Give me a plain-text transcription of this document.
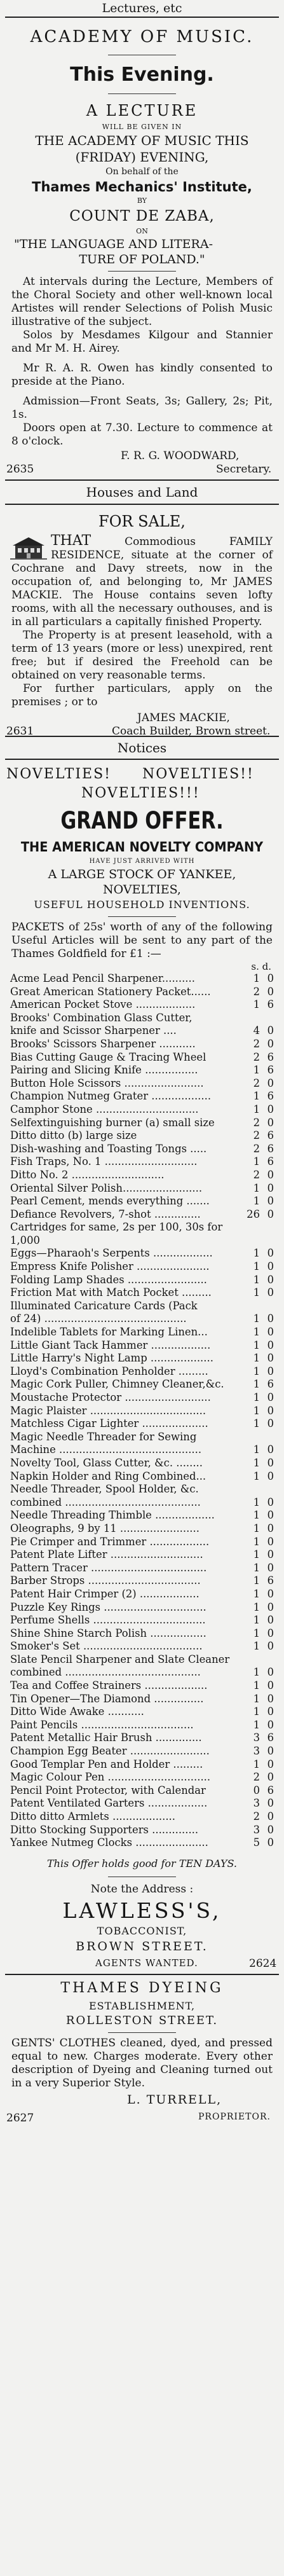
Lectures, etc
ACADEMY OF MUSIC.
This Evening.
A LECTURE
WILL BE GIVEN IN
THE ACADEMY OF MUSIC THIS
(FRIDAY) EVENING,
On behalf of the
Thames Mechanics' Institute,
BY
COUNT DE ZABA,
ON
"THE LANGUAGE AND LITERA-
TURE OF POLAND."
At intervals during the Lecture, Members of the Choral Society and other well-known local Artistes will render Selections of Polish Music illustrative of the subject.
Solos by Mesdames Kilgour and Stannier and Mr M. H. Airey.
Mr R. A. R. Owen has kindly consented to preside at the Piano.
Admission—Front Seats, 3s; Gallery, 2s; Pit, 1s.
Doors open at 7.30. Lecture to commence at 8 o'clock.
F. R. G. WOODWARD,
2635	Secretary.
Houses and Land
FOR SALE,
THAT	Commodious FAMILY RESIDENCE, situate at the corner of Cochrane and Davy streets, now in the occupation of, and belonging to, Mr JAMES MACKIE. The House contains seven lofty rooms, with all the necessary outhouses, and is in all particulars a capitally finished Property.
The Property is at present leasehold, with a term of 13 years (more or less) unexpired, rent free; but if desired the Freehold can be obtained on very reasonable terms.
For further particulars, apply on the premises ; or to
JAMES MACKIE,
2631	Coach Builder, Brown street.
Notices
NOVELTIES! NOVELTIES!!
NOVELTIES!!!
GRAND OFFER.
THE AMERICAN NOVELTY COMPANY
HAVE JUST ARRIVED WITH
A LARGE STOCK OF YANKEE,
NOVELTIES,
USEFUL HOUSEHOLD INVENTIONS.
PACKETS of 25s' worth of any of the following Useful Articles will be sent to any part of the Thames Goldfield for £1 :—
s. d.
Acme Lead Pencil Sharpener..........	1	0
Great American Stationery Packet......	2	0
American Pocket Stove ..................	1	6
Brooks' Combination Glass Cutter,		
knife and Scissor Sharpener ....	4	0
Brooks' Scissors Sharpener ...........	2	0
Bias Cutting Gauge & Tracing Wheel	2	6
Pairing and Slicing Knife ................	1	6
Button Hole Scissors ........................	2	0
Champion Nutmeg Grater ..................	1	6
Camphor Stone ...............................	1	0
Selfextinguishing burner (a) small size	2	0
Ditto ditto (b) large size	2	6
Dish-washing and Toasting Tongs .....	2	6
Fish Traps, No. 1 ............................	1	6
Ditto No. 2 ............................	2	0
Oriental Silver Polish........................	1	0
Pearl Cement, mends everything .......	1	0
Defiance Revolvers, 7-shot ..............	26	0
Cartridges for same, 2s per 100, 30s for		
1,000		
Eggs—Pharaoh's Serpents ..................	1	0
Empress Knife Polisher ......................	1	0
Folding Lamp Shades ........................	1	0
Friction Mat with Match Pocket .........	1	0
Illuminated Caricature Cards (Pack		
of 24) ...........................................	1	0
Indelible Tablets for Marking Linen...	1	0
Little Giant Tack Hammer ..................	1	0
Little Harry's Night Lamp ...................	1	0
Lloyd's Combination Penholder .........	1	0
Magic Cork Puller, Chimney Cleaner,&c.	1	6
Moustache Protector ..........................	1	0
Magic Plaister ...................................	1	0
Matchless Cigar Lighter ....................	1	0
Magic Needle Threader for Sewing		
Machine ...........................................	1	0
Novelty Tool, Glass Cutter, &c. ........	1	0
Napkin Holder and Ring Combined...	1	0
Needle Threader, Spool Holder, &c.		
combined .........................................	1	0
Needle Threading Thimble ..................	1	0
Oleographs, 9 by 11 ........................	1	0
Pie Crimper and Trimmer ..................	1	0
Patent Plate Lifter ............................	1	0
Pattern Tracer ...................................	1	0
Barber Strops ..................................	1	6
Patent Hair Crimper (2) ..................	1	0
Puzzle Key Rings ...............................	1	0
Perfume Shells ..................................	1	0
Shine Shine Starch Polish .................	1	0
Smoker's Set ....................................	1	0
Slate Pencil Sharpener and Slate Cleaner		
combined .........................................	1	0
Tea and Coffee Strainers ...................	1	0
Tin Opener—The Diamond ...............	1	0
Ditto Wide Awake ...........	1	0
Paint Pencils ..................................	1	0
Patent Metallic Hair Brush ..............	3	6
Champion Egg Beater ........................	3	0
Good Templar Pen and Holder .........	1	0
Magic Colour Pen ...............................	2	0
Pencil Point Protector, with Calendar	0	6
Patent Ventilated Garters ..................	3	0
Ditto ditto Armlets ...................	2	0
Ditto Stocking Supporters ..............	3	0
Yankee Nutmeg Clocks ......................	5	0
This Offer holds good for TEN DAYS.
Note the Address :
LAWLESS'S,
TOBACCONIST,
BROWN STREET.
AGENTS WANTED.	2624
THAMES DYEING
ESTABLISHMENT,
ROLLESTON STREET.
GENTS' CLOTHES cleaned, dyed, and pressed equal to new. Charges moderate. Every other description of Dyeing and Cleaning turned out in a very Superior Style.
2627
L. TURRELL,
PROPRIETOR.
